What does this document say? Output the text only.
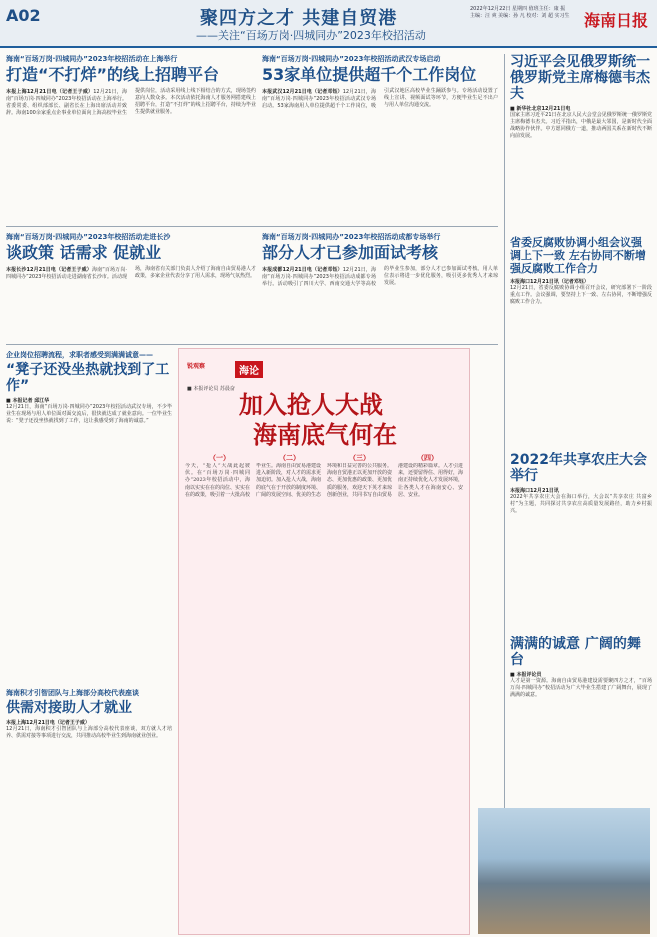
A02	聚四方之才 共建自贸港
——关注“百场万岗·四城同办”2023年校招活动
2022年12月22日 星期四 值班主任：康 振 主编：汪 爽 美编：孙 凡 校对：刘 超 实习生 海南日报
海南“百场万岗·四城同办”2023年校招活动在上海举行
打造“不打烊”的线上招聘平台
本报上海12月21日电（记者王子威）12月21日，海南“百场万岗·四城同办”2023年校招活动在上海举行。省委常委、组织部部长、副省长在上海出席活动并致辞。海南100余家重点企事业单位面向上海高校毕业生提供岗位，活动采用线上线下相结合的方式，现场签约意向人数众多。本次活动依托海南人才服务网搭建线上招聘平台，打造“不打烊”的线上招聘平台，持续为毕业生提供就业服务。
海南“百场万岗·四城同办”2023年校招活动武汉专场启动
53家单位提供超千个工作岗位
本报武汉12月21日电（记者邓钰）12月21日，海南“百场万岗·四城同办”2023年校招活动武汉专场启动。53家海南用人单位提供超千个工作岗位，吸引武汉地区高校毕业生踊跃参与。专场活动设置了线上宣讲、视频面试等环节，方便毕业生足不出户与用人单位沟通交流。
海南“百场万岗·四城同办”2023年校招活动走进长沙
谈政策 话需求 促就业
本报长沙12月21日电（记者王子威）海南“百场万岗·四城同办”2023年校招活动走进湖南省长沙市。活动现场，海南省有关部门负责人介绍了海南自由贸易港人才政策，多家企业代表分享了用人需求，现场气氛热烈。
海南“百场万岗·四城同办”2023年校招活动成都专场举行
部分人才已参加面试考核
本报成都12月21日电（记者邓钰）12月21日，海南“百场万岗·四城同办”2023年校招活动成都专场举行。活动吸引了四川大学、西南交通大学等高校的毕业生参加，部分人才已参加面试考核。用人单位表示将进一步优化服务，吸引更多优秀人才来琼发展。
企业岗位招聘流程，求职者感受到满满诚意——
“凳子还没坐热就找到了工作”
■ 本报记者 邱江华
12月21日，海南“百场万岗·四城同办”2023年校招活动武汉专场，不少毕业生在现场与用人单位面对面交流后，很快就达成了就业意向。一位毕业生说：“凳子还没坐热就找到了工作，这让我感受到了海南的诚意。”
海南积才引智团队与上海部分高校代表座谈
供需对接助人才就业
本报上海12月21日电（记者王子威）
12月21日，海南积才引智团队与上海部分高校代表座谈，双方就人才培养、供需对接等事项进行交流，共同推动高校毕业生到海南就业创业。
锐观察	海论
■ 本报评论员 苏晨奋
加入抢人大战
海南底气何在
（一）	（二）	（三）	（四）
今天，“抢人”大战此起彼伏。在“百场万岗·四城同办”2023年校招活动中，海南以实实在在的岗位、实实在在的政策，吸引着一大批高校毕业生。海南自由贸易港建设进入新阶段，对人才的需求更加迫切。加入抢人大战，海南的底气在于开放的制度环境、广阔的发展空间、优美的生态环境和日益完善的公共服务。海南自贸港正以更加开放的姿态、更加优惠的政策、更加优质的服务，欢迎天下英才来琼创新创业，共同书写自由贸易港建设的精彩篇章。人才引进来，还要留得住、用得好，海南正持续优化人才发展环境，让各类人才在海南安心、安居、安业。
习近平会见俄罗斯统一俄罗斯党主席梅德韦杰夫
■ 新华社北京12月21日电
国家主席习近平21日在北京人民大会堂会见俄罗斯统一俄罗斯党主席梅德韦杰夫。习近平指出，中俄是最大邻国，是新时代全面战略协作伙伴。中方愿同俄方一道，推动两国关系在新时代不断向前发展。
省委反腐败协调小组会议强调上下一致 左右协同不断增强反腐败工作合力
本报海口12月21日讯（记者邓钰）
12月21日，省委反腐败协调小组召开会议，研究部署下一阶段重点工作。会议强调，要坚持上下一致、左右协同，不断增强反腐败工作合力。
2022年共享农庄大会举行
本报海口12月21日讯
2022年共享农庄大会在海口举行，大会以“共享农庄 共富乡村”为主题，共同探讨共享农庄高质量发展路径，助力乡村振兴。
满满的诚意 广阔的舞台
■ 本报评论员
人才是第一资源。海南自由贸易港建设需要聚四方之才，“百场万岗·四城同办”校招活动为广大毕业生搭建了广阔舞台，展现了满满的诚意。
